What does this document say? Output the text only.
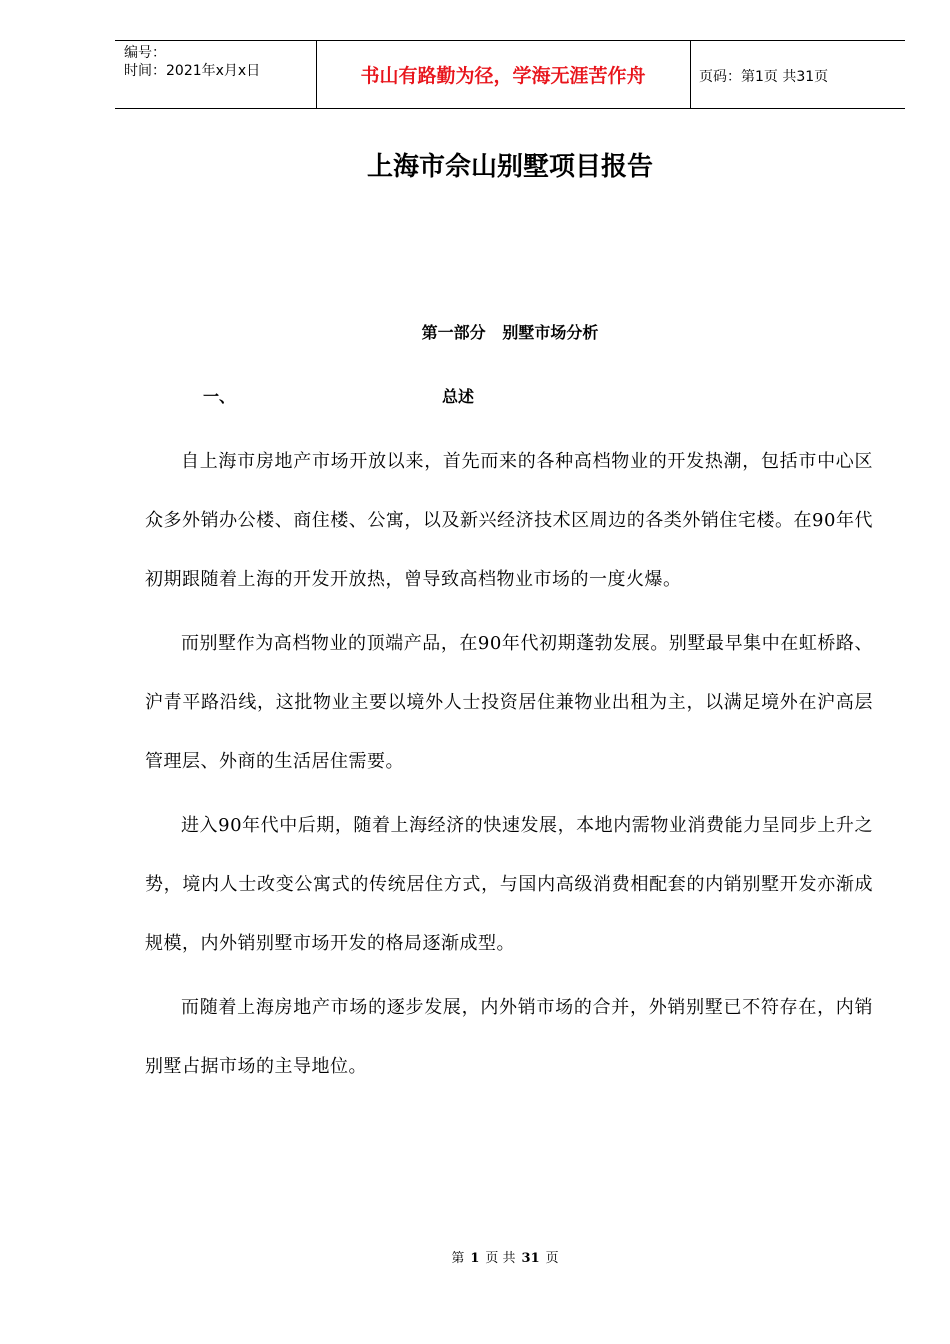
编号：
时间：2021年x月x日	书山有路勤为径，学海无涯苦作舟	页码：第1页 共31页
上海市佘山别墅项目报告
第一部分   别墅市场分析
一、	总述

自上海市房地产市场开放以来，首先而来的各种高档物业的开发热潮，包括市中心区众多外销办公楼、商住楼、公寓，以及新兴经济技术区周边的各类外销住宅楼。在90年代初期跟随着上海的开发开放热，曾导致高档物业市场的一度火爆。

而别墅作为高档物业的顶端产品，在90年代初期蓬勃发展。别墅最早集中在虹桥路、沪青平路沿线，这批物业主要以境外人士投资居住兼物业出租为主，以满足境外在沪高层管理层、外商的生活居住需要。

进入90年代中后期，随着上海经济的快速发展，本地内需物业消费能力呈同步上升之势，境内人士改变公寓式的传统居住方式，与国内高级消费相配套的内销别墅开发亦渐成规模，内外销别墅市场开发的格局逐渐成型。

而随着上海房地产市场的逐步发展，内外销市场的合并，外销别墅已不符存在，内销别墅占据市场的主导地位。

第 1 页 共 31 页
